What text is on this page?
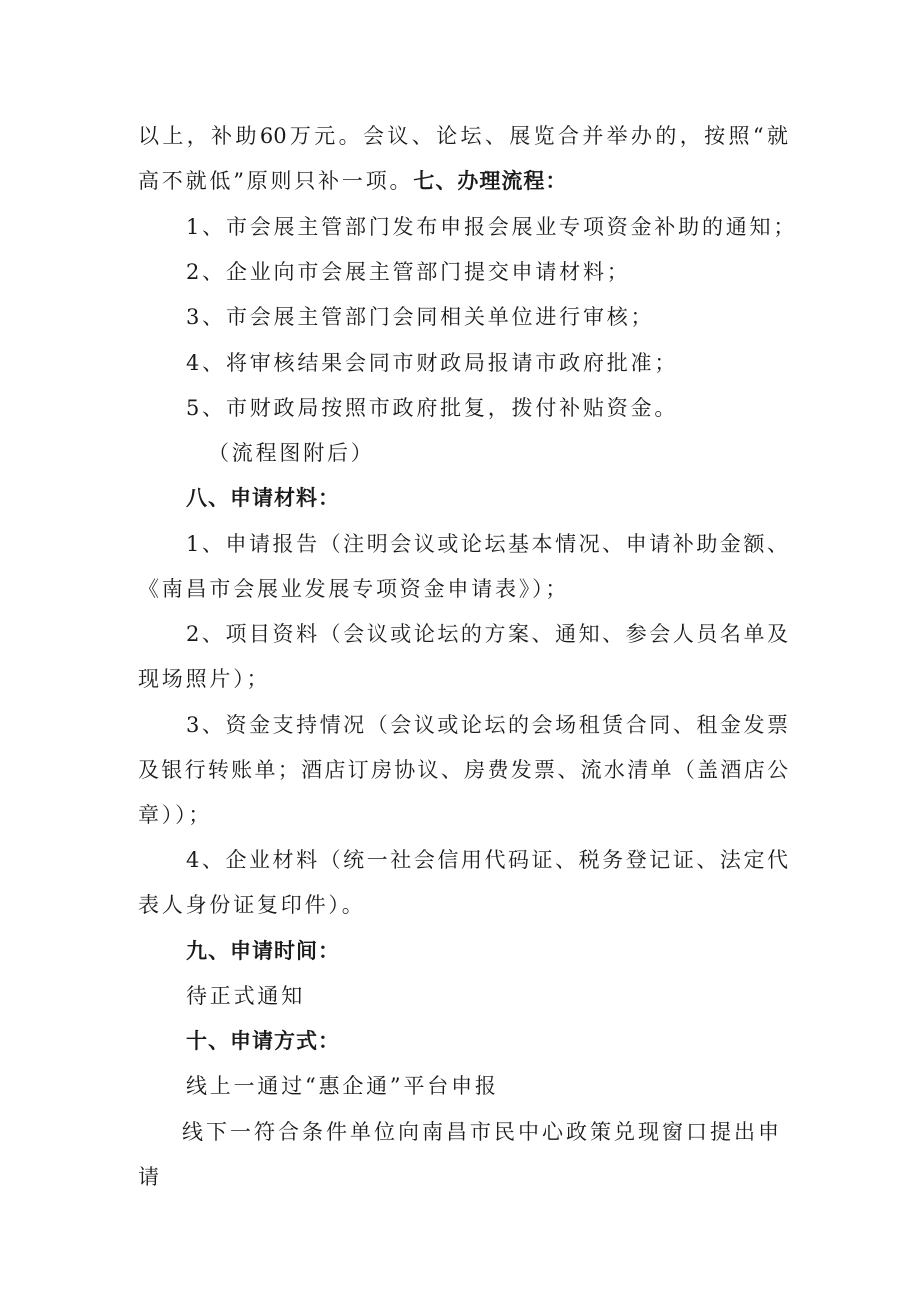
以上，补助60万元。会议、论坛、展览合并举办的，按照“就
高不就低”原则只补一项。七、办理流程：
1、市会展主管部门发布申报会展业专项资金补助的通知；
2、企业向市会展主管部门提交申请材料；
3、市会展主管部门会同相关单位进行审核；
4、将审核结果会同市财政局报请市政府批准；
5、市财政局按照市政府批复，拨付补贴资金。
（流程图附后）
八、申请材料：
1、申请报告（注明会议或论坛基本情况、申请补助金额、
《南昌市会展业发展专项资金申请表》）；
2、项目资料（会议或论坛的方案、通知、参会人员名单及
现场照片）；
3、资金支持情况（会议或论坛的会场租赁合同、租金发票
及银行转账单；酒店订房协议、房费发票、流水清单（盖酒店公
章））；
4、企业材料（统一社会信用代码证、税务登记证、法定代
表人身份证复印件）。
九、申请时间：
待正式通知
十、申请方式：
线上一通过“惠企通”平台申报
线下一符合条件单位向南昌市民中心政策兑现窗口提出申
请
